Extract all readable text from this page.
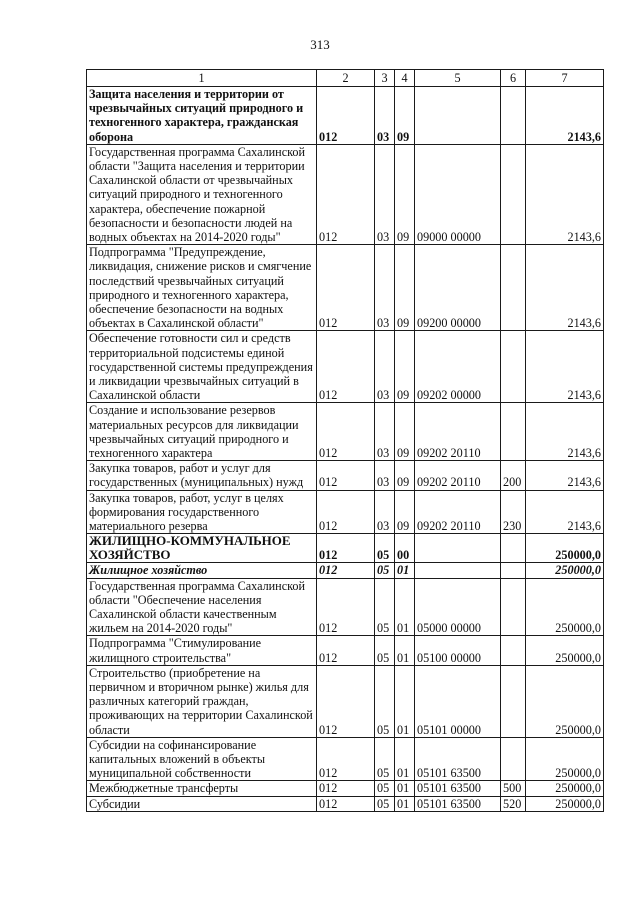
313
1	2	3	4	5	6	7
Защита населения и территории от чрезвычайных ситуаций природного и техногенного характера, гражданская оборона	012	03	09			2143,6
Государственная программа Сахалинской области "Защита населения и территории Сахалинской области от чрезвычайных ситуаций природного и техногенного характера, обеспечение пожарной безопасности и безопасности людей на водных объектах на 2014-2020 годы"	012	03	09	09000 00000		2143,6
Подпрограмма "Предупреждение, ликвидация, снижение рисков и смягчение последствий чрезвычайных ситуаций природного и техногенного характера, обеспечение безопасности на водных объектах в Сахалинской области"	012	03	09	09200 00000		2143,6
Обеспечение готовности сил и средств территориальной подсистемы единой государственной системы предупреждения и ликвидации чрезвычайных ситуаций в Сахалинской области	012	03	09	09202 00000		2143,6
Создание и использование резервов материальных ресурсов для ликвидации чрезвычайных ситуаций природного и техногенного характера	012	03	09	09202 20110		2143,6
Закупка товаров, работ и услуг для государственных (муниципальных) нужд	012	03	09	09202 20110	200	2143,6
Закупка товаров, работ, услуг в целях формирования государственного материального резерва	012	03	09	09202 20110	230	2143,6
ЖИЛИЩНО-КОММУНАЛЬНОЕ ХОЗЯЙСТВО	012	05	00			250000,0
Жилищное хозяйство	012	05	01			250000,0
Государственная программа Сахалинской области "Обеспечение населения Сахалинской области качественным жильем на 2014-2020 годы"	012	05	01	05000 00000		250000,0
Подпрограмма "Стимулирование жилищного строительства"	012	05	01	05100 00000		250000,0
Строительство (приобретение на первичном и вторичном рынке) жилья для различных категорий граждан, проживающих на территории Сахалинской области	012	05	01	05101 00000		250000,0
Субсидии на софинансирование капитальных вложений в объекты муниципальной собственности	012	05	01	05101 63500		250000,0
Межбюджетные трансферты	012	05	01	05101 63500	500	250000,0
Субсидии	012	05	01	05101 63500	520	250000,0
